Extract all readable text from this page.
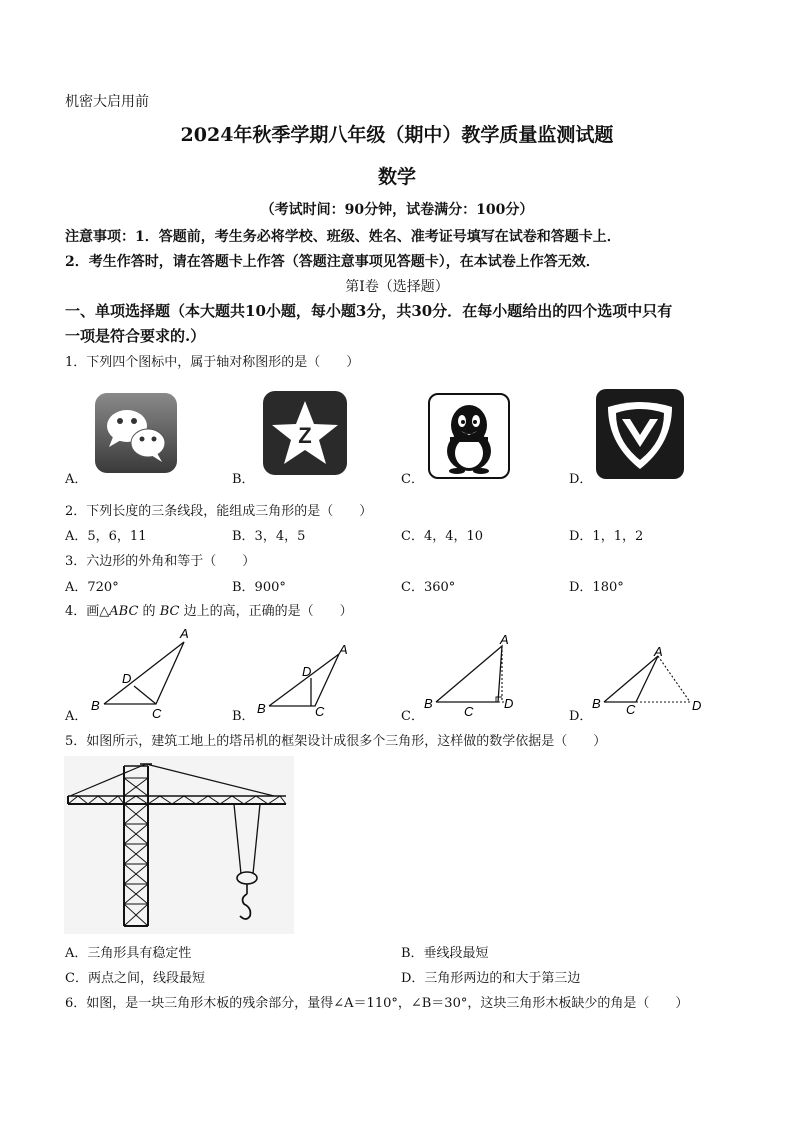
机密大启用前
2024年秋季学期八年级（期中）教学质量监测试题
数学
（考试时间：90分钟，试卷满分：100分）
注意事项：1．答题前，考生务必将学校、班级、姓名、准考证号填写在试卷和答题卡上．
2．考生作答时，请在答题卡上作答（答题注意事项见答题卡），在本试卷上作答无效．
第Ⅰ卷（选择题）
一、单项选择题（本大题共10小题，每小题3分，共30分．在每小题给出的四个选项中只有
一项是符合要求的.）
1．下列四个图标中，属于轴对称图形的是（　　）
Z
A．	B．	C．	D．
2．下列长度的三条线段，能组成三角形的是（　　）
A．5，6，11	B．3，4，5	C．4，4，10	D．1，1，2
3．六边形的外角和等于（　　）
A．720°	B．900°	C．360°	D．180°
4．画△ABC 的 BC 边上的高，正确的是（　　）
A
B
C
D
A
B	C
D
A
B
C
D
A
B C	D
A．	B．	C．	D．
5．如图所示，建筑工地上的塔吊机的框架设计成很多个三角形，这样做的数学依据是（　　）
A．三角形具有稳定性	B．垂线段最短
C．两点之间，线段最短	D．三角形两边的和大于第三边
6．如图，是一块三角形木板的残余部分，量得∠A＝110°，∠B＝30°，这块三角形木板缺少的角是（　　）
